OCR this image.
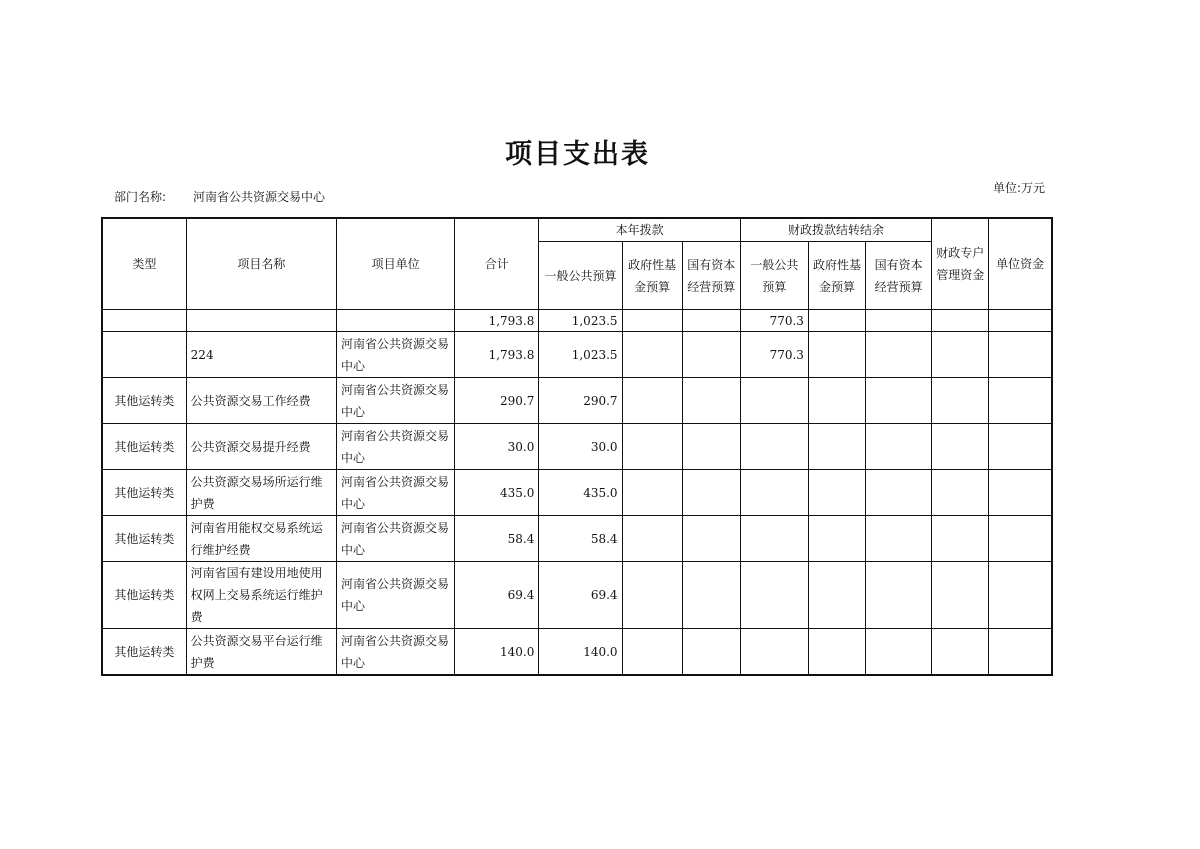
项目支出表
部门名称: 河南省公共资源交易中心
单位:万元
类型	项目名称	项目单位	合计	本年拨款			财政拨款结转结余			财政专户管理资金	单位资金
				一般公共预算	政府性基金预算	国有资本经营预算	一般公共预算	政府性基金预算	国有资本经营预算		
			1,793.8	1,023.5			770.3				
	224	河南省公共资源交易中心	1,793.8	1,023.5			770.3				
其他运转类	公共资源交易工作经费	河南省公共资源交易中心	290.7	290.7							
其他运转类	公共资源交易提升经费	河南省公共资源交易中心	30.0	30.0							
其他运转类	公共资源交易场所运行维护费	河南省公共资源交易中心	435.0	435.0							
其他运转类	河南省用能权交易系统运行维护经费	河南省公共资源交易中心	58.4	58.4							
其他运转类	河南省国有建设用地使用权网上交易系统运行维护费	河南省公共资源交易中心	69.4	69.4							
其他运转类	公共资源交易平台运行维护费	河南省公共资源交易中心	140.0	140.0							
